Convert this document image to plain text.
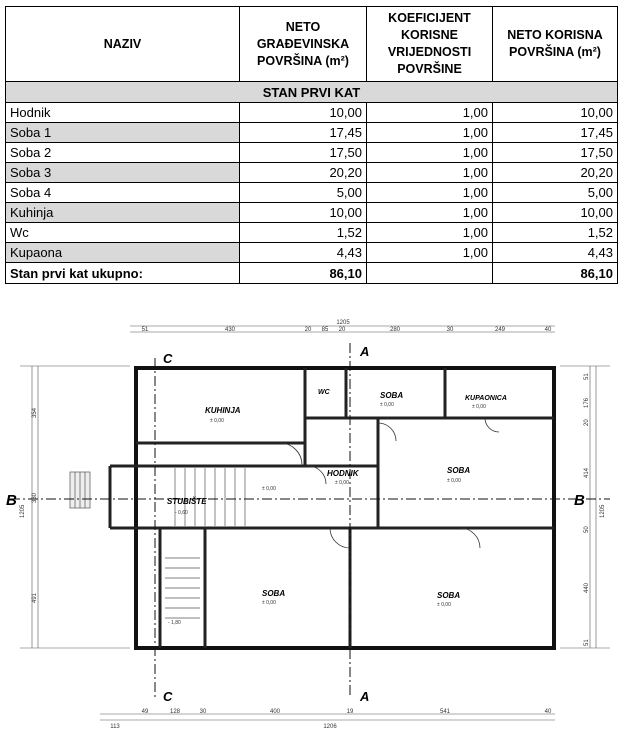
NAZIV	NETO GRAĐEVINSKA POVRŠINA (m²)	KOEFICIJENT KORISNE VRIJEDNOSTI POVRŠINE	NETO KORISNA POVRŠINA (m²)
STAN PRVI KAT			
Hodnik	10,00	1,00	10,00
Soba 1	17,45	1,00	17,45
Soba 2	17,50	1,00	17,50
Soba 3	20,20	1,00	20,20
Soba 4	5,00	1,00	5,00
Kuhinja	10,00	1,00	10,00
Wc	1,52	1,00	1,52
Kupaona	4,43	1,00	4,43
Stan prvi kat ukupno:	86,10		86,10
B	B
C
C
A
A
KUHINJA
WC	SOBA	KUPAONICA
HODNIK	SOBA
STUBIŠTE
SOBA	SOBA
± 0,00
± 0,00	± 0,00
± 0,00	± 0,00
± 0,00
- 0,60
- 1,80
± 0,00	± 0,00
1205
51	430	20 85 20	280	30	249	40
1206
113
49	128	30	400	19	541	40
1205
354
330
491
1205
51
176
20
414
50
440
51
